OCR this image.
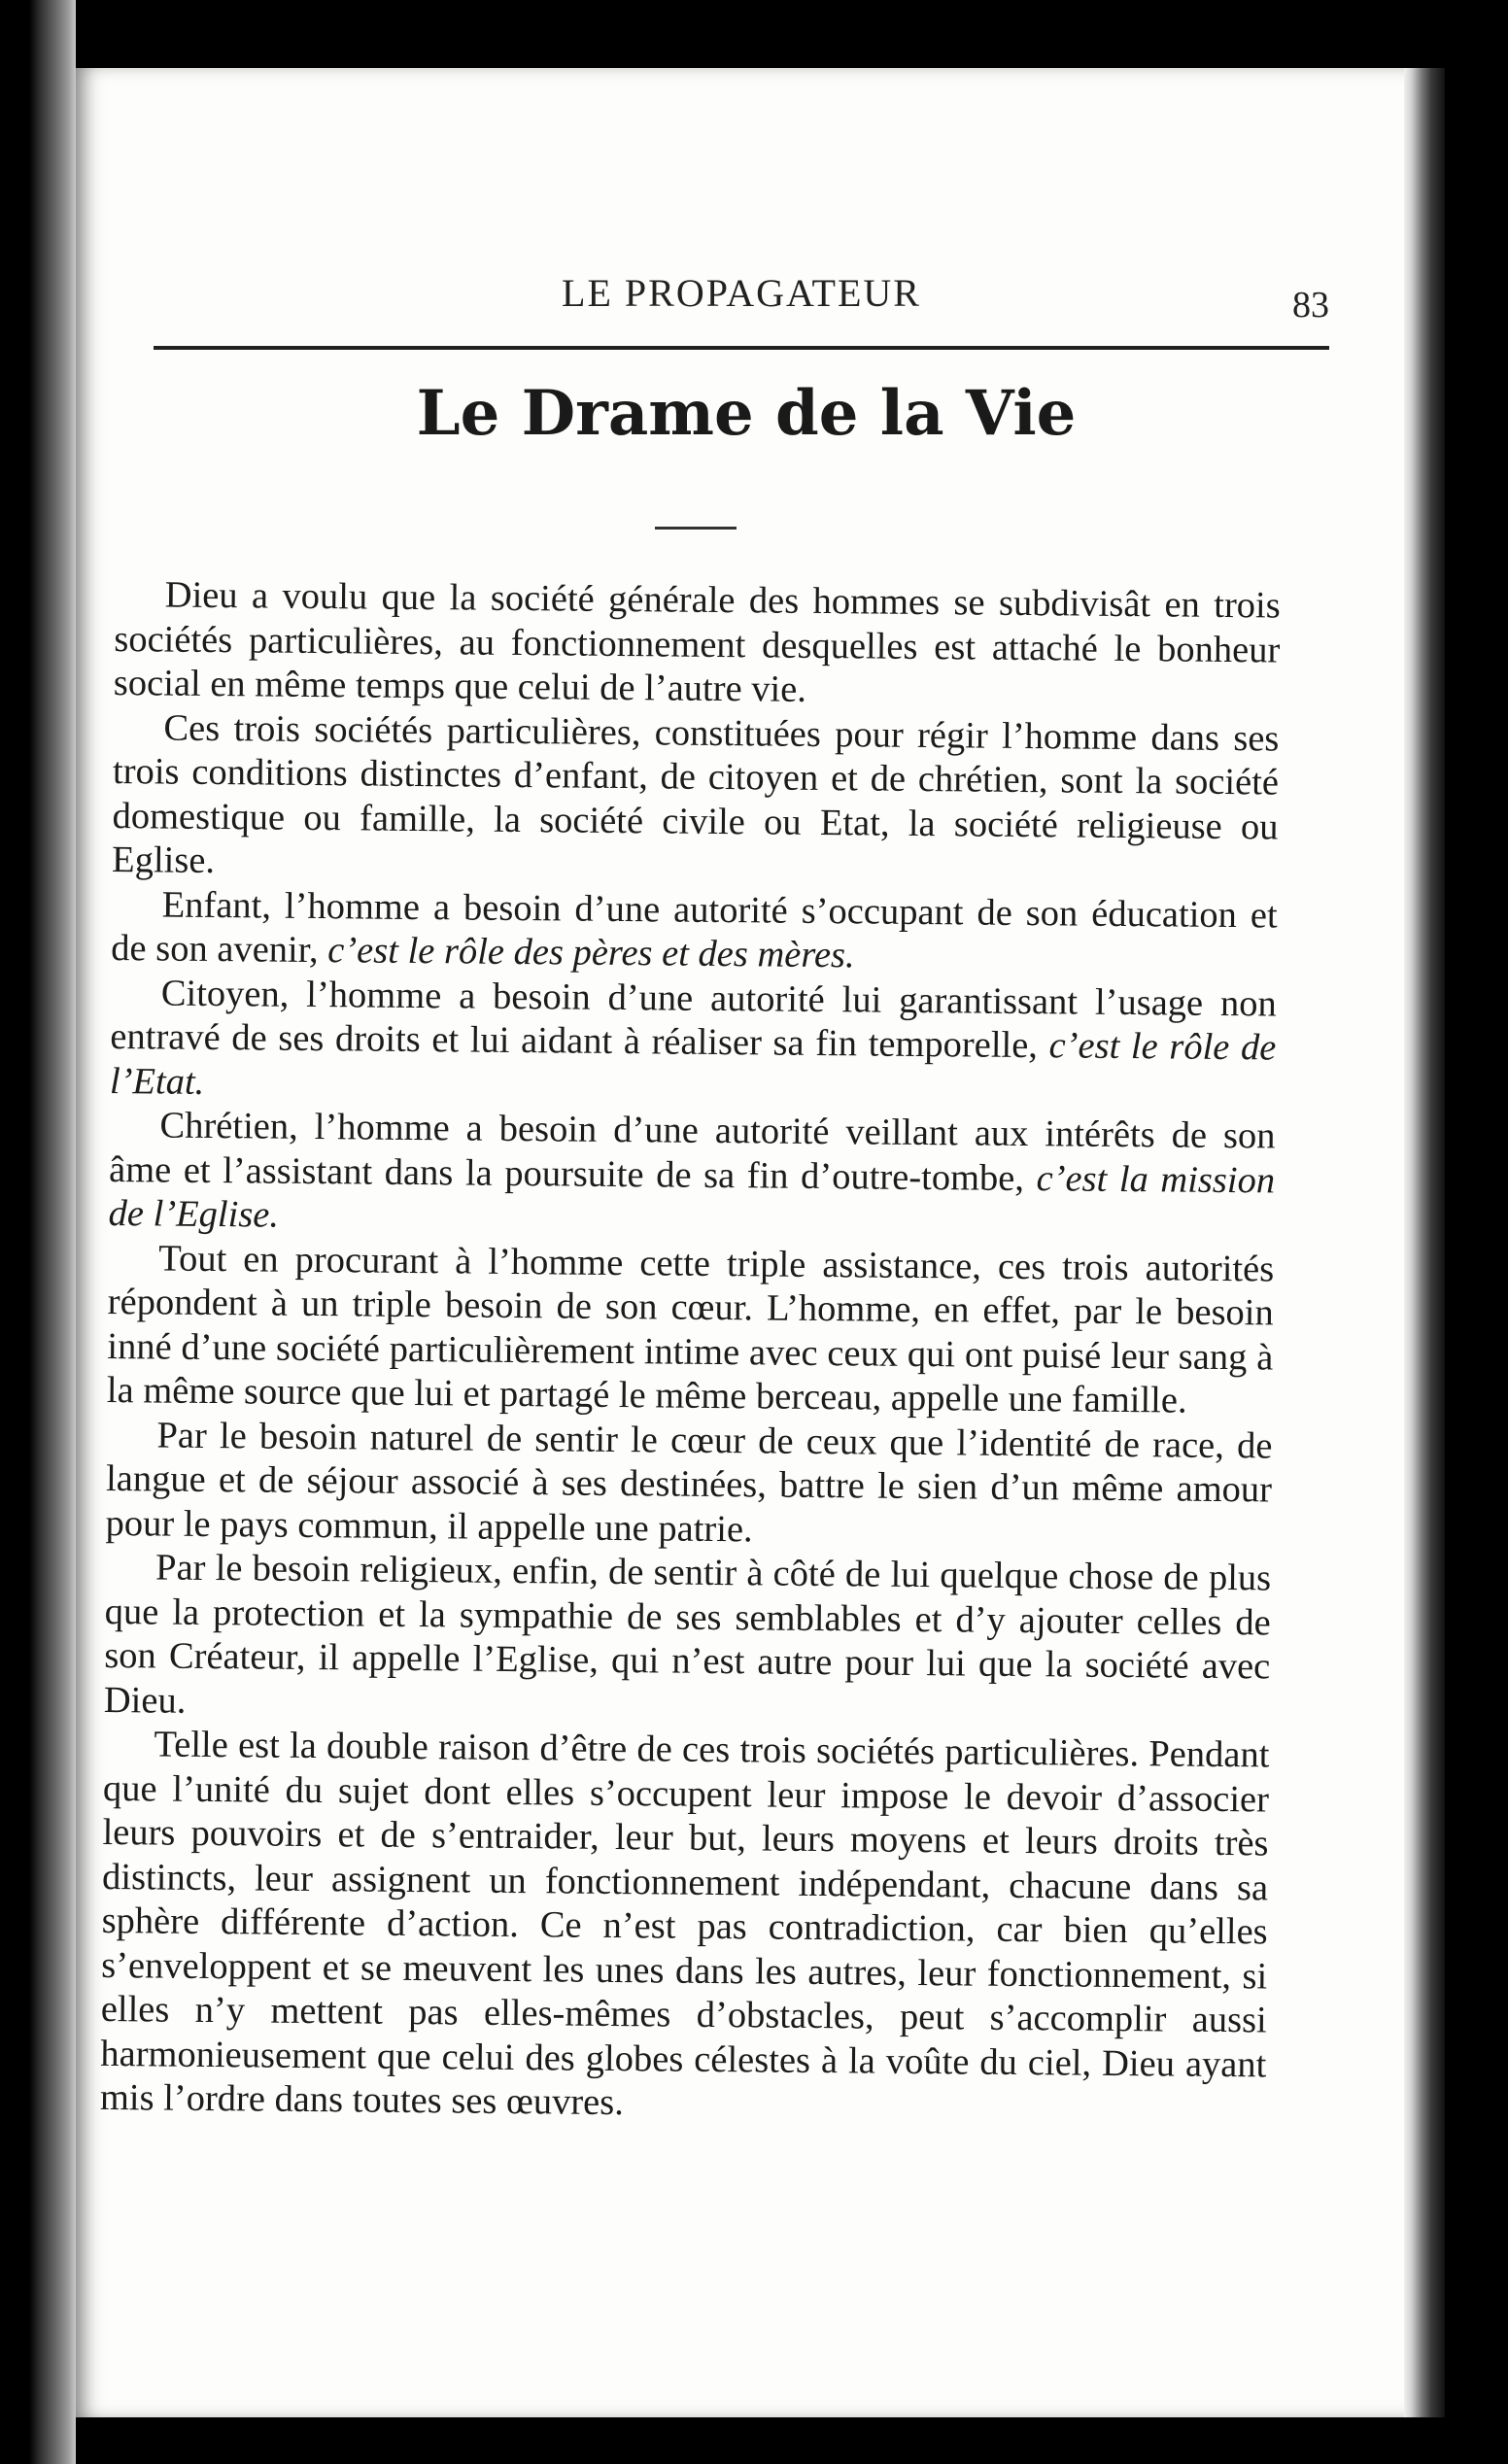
LE PROPAGATEUR	83
Le Drame de la Vie

Dieu a voulu que la société générale des hommes se subdivisât en trois sociétés particulières, au fonctionnement desquelles est attaché le bonheur social en même temps que celui de l’autre vie.

Ces trois sociétés particulières, constituées pour régir l’homme dans ses trois conditions distinctes d’enfant, de citoyen et de chrétien, sont la société domestique ou famille, la société civile ou Etat, la société religieuse ou Eglise.

Enfant, l’homme a besoin d’une autorité s’occupant de son éducation et de son avenir, c’est le rôle des pères et des mères.

Citoyen, l’homme a besoin d’une autorité lui garantissant l’usage non entravé de ses droits et lui aidant à réaliser sa fin temporelle, c’est le rôle de l’Etat.

Chrétien, l’homme a besoin d’une autorité veillant aux intérêts de son âme et l’assistant dans la poursuite de sa fin d’outre-tombe, c’est la mission de l’Eglise.

Tout en procurant à l’homme cette triple assistance, ces trois autorités répondent à un triple besoin de son cœur. L’homme, en effet, par le besoin inné d’une société particulièrement intime avec ceux qui ont puisé leur sang à la même source que lui et partagé le même berceau, appelle une famille.

Par le besoin naturel de sentir le cœur de ceux que l’identité de race, de langue et de séjour associé à ses destinées, battre le sien d’un même amour pour le pays commun, il appelle une patrie.

Par le besoin religieux, enfin, de sentir à côté de lui quelque chose de plus que la protection et la sympathie de ses semblables et d’y ajouter celles de son Créateur, il appelle l’Eglise, qui n’est autre pour lui que la société avec Dieu.

Telle est la double raison d’être de ces trois sociétés particulières. Pendant que l’unité du sujet dont elles s’occupent leur impose le devoir d’associer leurs pouvoirs et de s’entraider, leur but, leurs moyens et leurs droits très distincts, leur assignent un fonctionnement indépendant, chacune dans sa sphère différente d’action. Ce n’est pas contradiction, car bien qu’elles s’enveloppent et se meuvent les unes dans les autres, leur fonctionnement, si elles n’y mettent pas elles-mêmes d’obstacles, peut s’accomplir aussi harmonieusement que celui des globes célestes à la voûte du ciel, Dieu ayant mis l’ordre dans toutes ses œuvres.
